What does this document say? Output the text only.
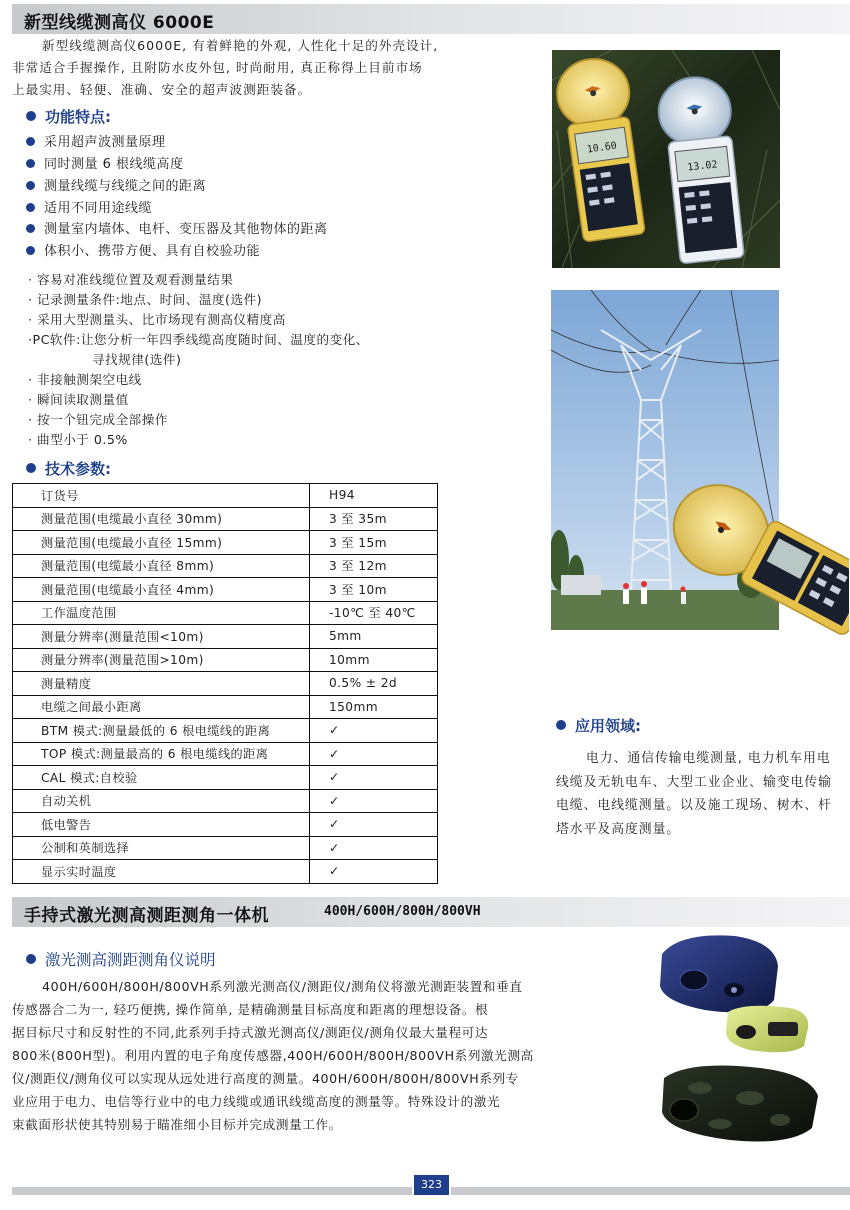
新型线缆测高仪 6000E
新型线缆测高仪6000E, 有着鲜艳的外观, 人性化十足的外壳设计,
非常适合手握操作, 且附防水皮外包, 时尚耐用, 真正称得上目前市场
上最实用、轻便、准确、安全的超声波测距装备。
功能特点:
采用超声波测量原理
同时测量 6 根线缆高度
测量线缆与线缆之间的距离
适用不同用途线缆
测量室内墙体、电杆、变压器及其他物体的距离
体积小、携带方便、具有自校验功能
· 容易对准线缆位置及观看测量结果
· 记录测量条件:地点、时间、温度(选件)
· 采用大型测量头、比市场现有测高仪精度高
·PC软件:让您分析一年四季线缆高度随时间、温度的变化、
寻找规律(选件)
· 非接触测架空电线
· 瞬间读取测量值
· 按一个钮完成全部操作
· 曲型小于 0.5%
技术参数:
订货号	H94
测量范围(电缆最小直径 30mm)	3 至 35m
测量范围(电缆最小直径 15mm)	3 至 15m
测量范围(电缆最小直径 8mm)	3 至 12m
测量范围(电缆最小直径 4mm)	3 至 10m
工作温度范围	-10℃ 至 40℃
测量分辨率(测量范围<10m)	5mm
测量分辨率(测量范围>10m)	10mm
测量精度	0.5% ± 2d
电缆之间最小距离	150mm
BTM 模式:测量最低的 6 根电缆线的距离	✓
TOP 模式:测量最高的 6 根电缆线的距离	✓
CAL 模式:自校验	✓
自动关机	✓
低电警告	✓
公制和英制选择	✓
显示实时温度	✓
10.60
13.02
应用领域:
电力、通信传输电缆测量, 电力机车用电
线缆及无轨电车、大型工业企业、输变电传输
电缆、电线缆测量。以及施工现场、树木、杆
塔水平及高度测量。
手持式激光测高测距测角一体机	400H/600H/800H/800VH
激光测高测距测角仪说明
400H/600H/800H/800VH系列激光测高仪/测距仪/测角仪将激光测距装置和垂直
传感器合二为一, 轻巧便携, 操作简单, 是精确测量目标高度和距离的理想设备。根
据目标尺寸和反射性的不同,此系列手持式激光测高仪/测距仪/测角仪最大量程可达
800米(800H型)。利用内置的电子角度传感器,400H/600H/800H/800VH系列激光测高
仪/测距仪/测角仪可以实现从远处进行高度的测量。400H/600H/800H/800VH系列专
业应用于电力、电信等行业中的电力线缆或通讯线缆高度的测量等。特殊设计的激光
束截面形状使其特别易于瞄准细小目标并完成测量工作。
323
